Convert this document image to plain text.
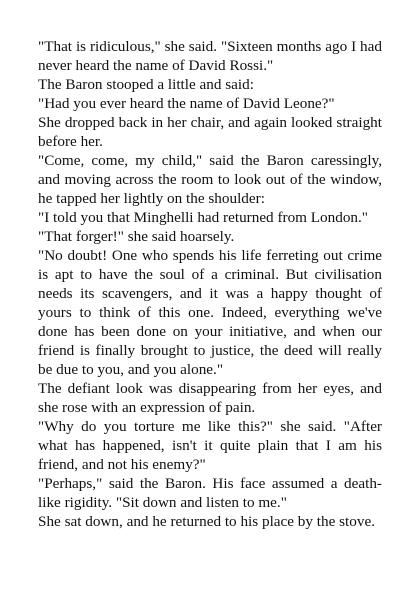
"That is ridiculous," she said. "Sixteen months ago I had never heard the name of David Rossi."

The Baron stooped a little and said:

"Had you ever heard the name of David Leone?"

She dropped back in her chair, and again looked straight before her.

"Come, come, my child," said the Baron caressingly, and moving across the room to look out of the window, he tapped her lightly on the shoulder:

"I told you that Minghelli had returned from London."

"That forger!" she said hoarsely.

"No doubt! One who spends his life ferreting out crime is apt to have the soul of a criminal. But civilisation needs its scavengers, and it was a happy thought of yours to think of this one. Indeed, everything we've done has been done on your initiative, and when our friend is finally brought to justice, the deed will really be due to you, and you alone."

The defiant look was disappearing from her eyes, and she rose with an expression of pain.

"Why do you torture me like this?" she said. "After what has happened, isn't it quite plain that I am his friend, and not his enemy?"

"Perhaps," said the Baron. His face assumed a death-like rigidity. "Sit down and listen to me."

She sat down, and he returned to his place by the stove.
